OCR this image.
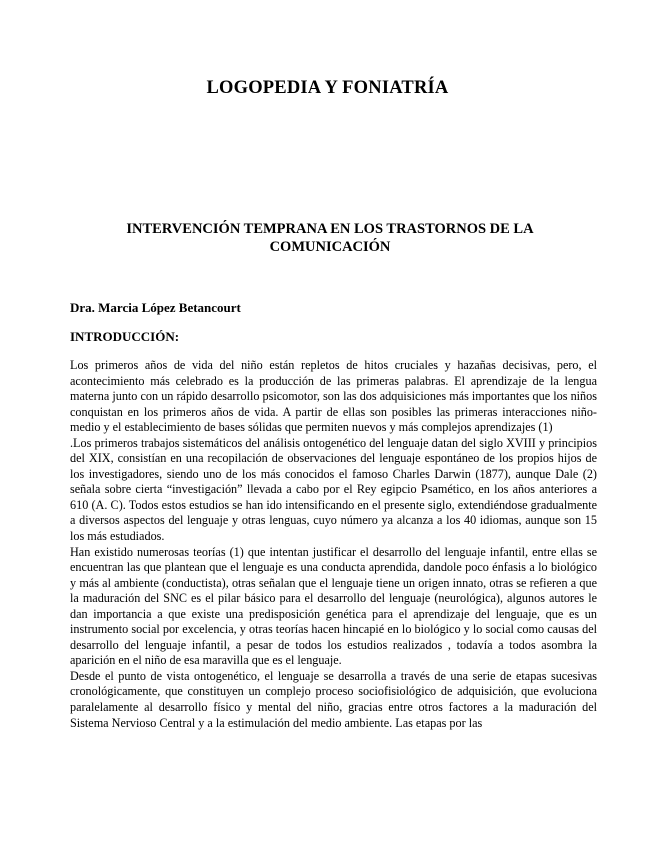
LOGOPEDIA Y FONIATRÍA
INTERVENCIÓN TEMPRANA EN LOS TRASTORNOS DE LA COMUNICACIÓN
Dra. Marcia López Betancourt
INTRODUCCIÓN:

Los primeros años de vida del niño están repletos de hitos cruciales y hazañas decisivas, pero, el acontecimiento más celebrado es la producción de las primeras palabras. El aprendizaje de la lengua materna junto con un rápido desarrollo psicomotor, son las dos adquisiciones más importantes que los niños conquistan en los primeros años de vida. A partir de ellas son posibles las primeras interacciones niño-medio y el establecimiento de bases sólidas que permiten nuevos y más complejos aprendizajes (1)

.Los primeros trabajos sistemáticos del análisis ontogenético del lenguaje datan del siglo XVIII y principios del XIX, consistían en una recopilación de observaciones del lenguaje espontáneo de los propios hijos de los investigadores, siendo uno de los más conocidos el famoso Charles Darwin (1877), aunque Dale (2) señala sobre cierta “investigación” llevada a cabo por el Rey egipcio Psamético, en los años anteriores a 610 (A. C). Todos estos estudios se han ido intensificando en el presente siglo, extendiéndose gradualmente a diversos aspectos del lenguaje y otras lenguas, cuyo número ya alcanza a los 40 idiomas, aunque son 15 los más estudiados.

Han existido numerosas teorías (1) que intentan justificar el desarrollo del lenguaje infantil, entre ellas se encuentran las que plantean que el lenguaje es una conducta aprendida, dandole poco énfasis a lo biológico y más al ambiente (conductista), otras señalan que el lenguaje tiene un origen innato, otras se refieren a que la maduración del SNC es el pilar básico para el desarrollo del lenguaje (neurológica), algunos autores le dan importancia a que existe una predisposición genética para el aprendizaje del lenguaje, que es un instrumento social por excelencia, y otras teorías hacen hincapié en lo biológico y lo social como causas del desarrollo del lenguaje infantil, a pesar de todos los estudios realizados , todavía a todos asombra la aparición en el niño de esa maravilla que es el lenguaje.

Desde el punto de vista ontogenético, el lenguaje se desarrolla a través de una serie de etapas sucesivas cronológicamente, que constituyen un complejo proceso sociofisiológico de adquisición, que evoluciona paralelamente al desarrollo físico y mental del niño, gracias entre otros factores a la maduración del Sistema Nervioso Central y a la estimulación del medio ambiente. Las etapas por las
